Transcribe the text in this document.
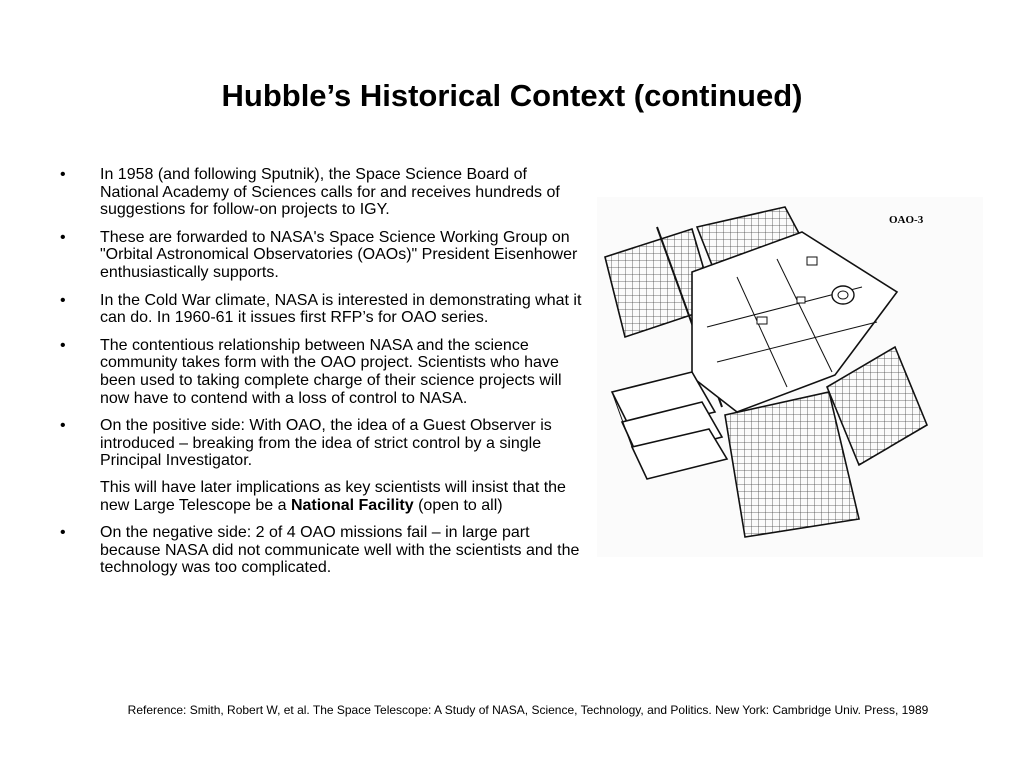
Hubble’s Historical Context (continued)
• In 1958 (and following Sputnik), the Space Science Board of National Academy of Sciences calls for and receives hundreds of suggestions for follow-on projects to IGY.
• These are forwarded to NASA's Space Science Working Group on "Orbital Astronomical Observatories (OAOs)" President Eisenhower enthusiastically supports.
• In the Cold War climate, NASA is interested in demonstrating what it can do. In 1960-61 it issues first RFP’s for OAO series.
• The contentious relationship between NASA and the science community takes form with the OAO project. Scientists who have been used to taking complete charge of their science projects will now have to contend with a loss of control to NASA.
• On the positive side: With OAO, the idea of a Guest Observer is introduced – breaking from the idea of strict control by a single Principal Investigator.
This will have later implications as key scientists will insist that the new Large Telescope be a National Facility (open to all)
• On the negative side: 2 of 4 OAO missions fail – in large part because NASA did not communicate well with the scientists and the technology was too complicated.
OAO-3
Reference: Smith, Robert W, et al. The Space Telescope: A Study of NASA, Science, Technology, and Politics. New York: Cambridge Univ. Press, 1989
